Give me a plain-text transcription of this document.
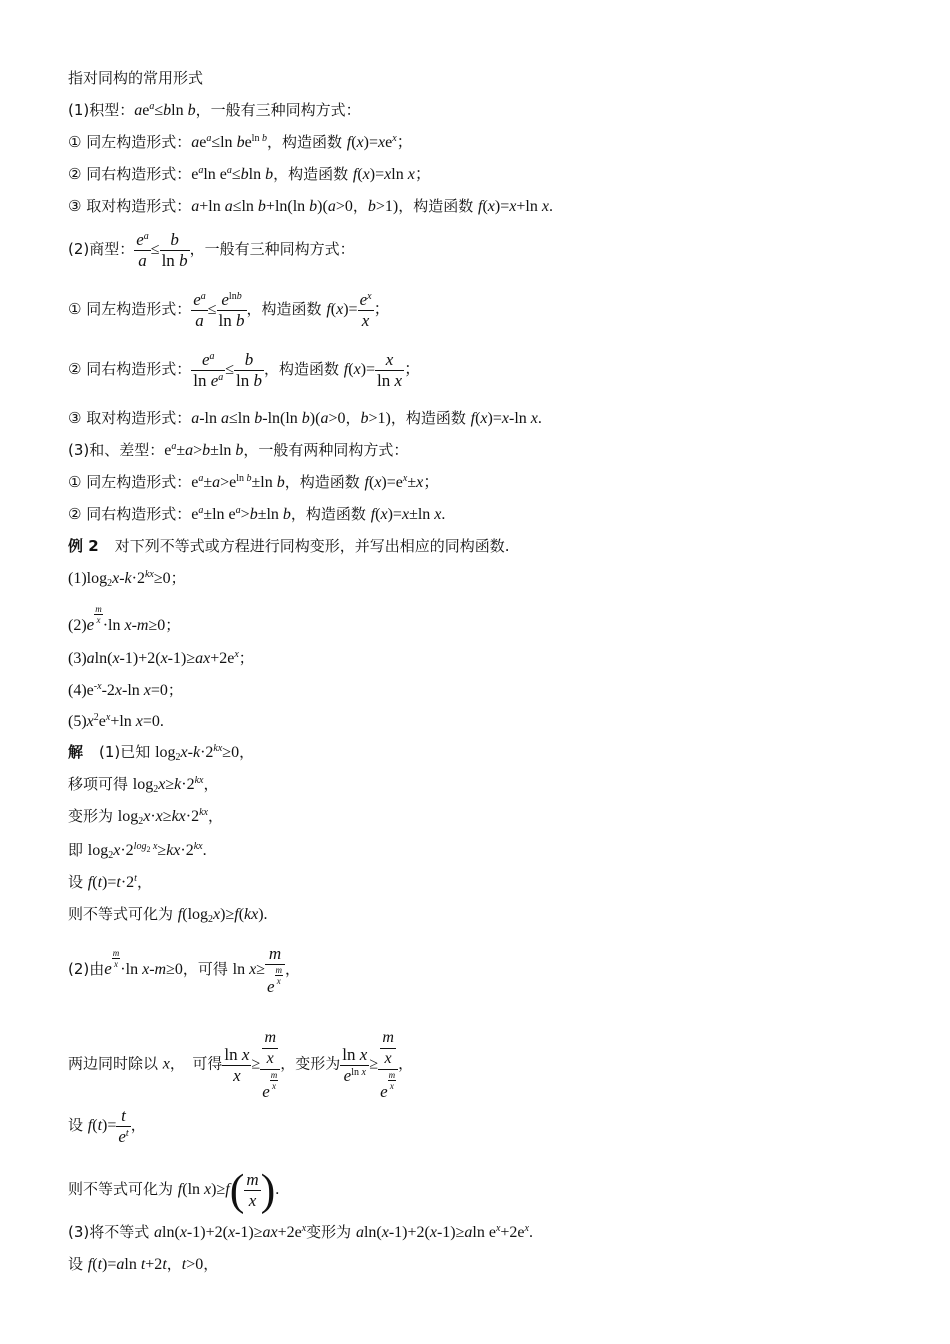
指对同构的常用形式
(1)积型：$ae^a\le bln$ b，一般有三种同构方式：
① 同左构造形式：$ae^a\le\ln$ $be^{ln b}$，构造函数 $f(x)=xe^x$；
② 同右构造形式：$e^a\ln$ $e^a\le bln$ b，构造函数 f(x)=xln x；
③ 取对构造形式：a+ln a≤ln b+ln(ln b)(a>0，b>1)，构造函数 f(x)=x+ln x.
(2)商型： $\frac{e^a}{a} \le \frac{b}{\text{ln b}}$ ，一般有三种同构方式：
① 同左构造形式： $\frac{e^a}{a} \le \frac{e^{lnb}}{\text{ln b}}$ ，构造函数 $f(x)= \frac{e^x}{x}$ ；
② 同右构造形式： $\frac{e^a}{\ln e^a} \le \frac{b}{\text{ln b}}$ ，构造函数 $f(x)= \frac{x}{\text{ln x}}$ ；
③ 取对构造形式：a-ln a≤ln b-ln(ln b)(a>0，b>1)，构造函数 f(x)=x-ln x.
(3)和、差型：$e^a\pm a>b\pm\ln$ b，一般有两种同构方式：
① 同左构造形式：$e^a\pm a>e^{ln b}\pm\ln$ b，构造函数 $f(x)=e^x\pm x$；
② 同右构造形式：$e^a\pm\ln$ $e^a>b\pm\ln$ b，构造函数 f(x)=x±ln x.
例 2　 对下列不等式或方程进行同构变形，并写出相应的同构函数.
$(1)\log_2x-k\cdot 2^{kx}\ge 0$；
$(2)e \frac{m}{x}$
·ln x-m≥0；
$(3)aln(x-1)+2(x-1)\ge ax+2e^x$；
$(4)e^{-x}-2x-\ln$ x=0；
$(5)x^2e^x+\ln$ x=0.
解　 (1)已知 $\log_2x-k\cdot 2^{kx}\ge 0$，
移项可得 $\log_2x\ge k\cdot 2^{kx}$，
变形为 $\log_2x\cdot x\ge kx\cdot 2^{kx}$，
即 $\log_2x\cdot 2^{log_2 x}\ge kx\cdot 2^{kx}$.
设 $f(t)=t\cdot 2^t$，
则不等式可化为 $f(\log_2x)\ge f(kx)$.
(2)由e $\frac{m}{x}$
·ln x-m≥0，可得 ln x≥ m
e
$\frac{m}{x}$ ，
两边同时除以 x，　可得 $\frac{\text{ln x}}{x} \ge \frac{m}{x}$
e
$\frac{m}{x}$ ，变形为 $\frac{\text{ln x}}{e^{ln x}} \ge \frac{m}{x}$
e
$\frac{m}{x}$ ，
设 $f(t)= \frac{t}{e^t}$ ，
则不等式可化为 f(ln $x)\ge f( \frac{m}{x}$ ).
(3)将不等式 $aln(x-1)+2(x-1)\ge ax+2e^x$变形为 aln(x-1)+2(x-1)≥aln $e^x+2e^x$.
设 f(t)=aln t+2t，t>0，
